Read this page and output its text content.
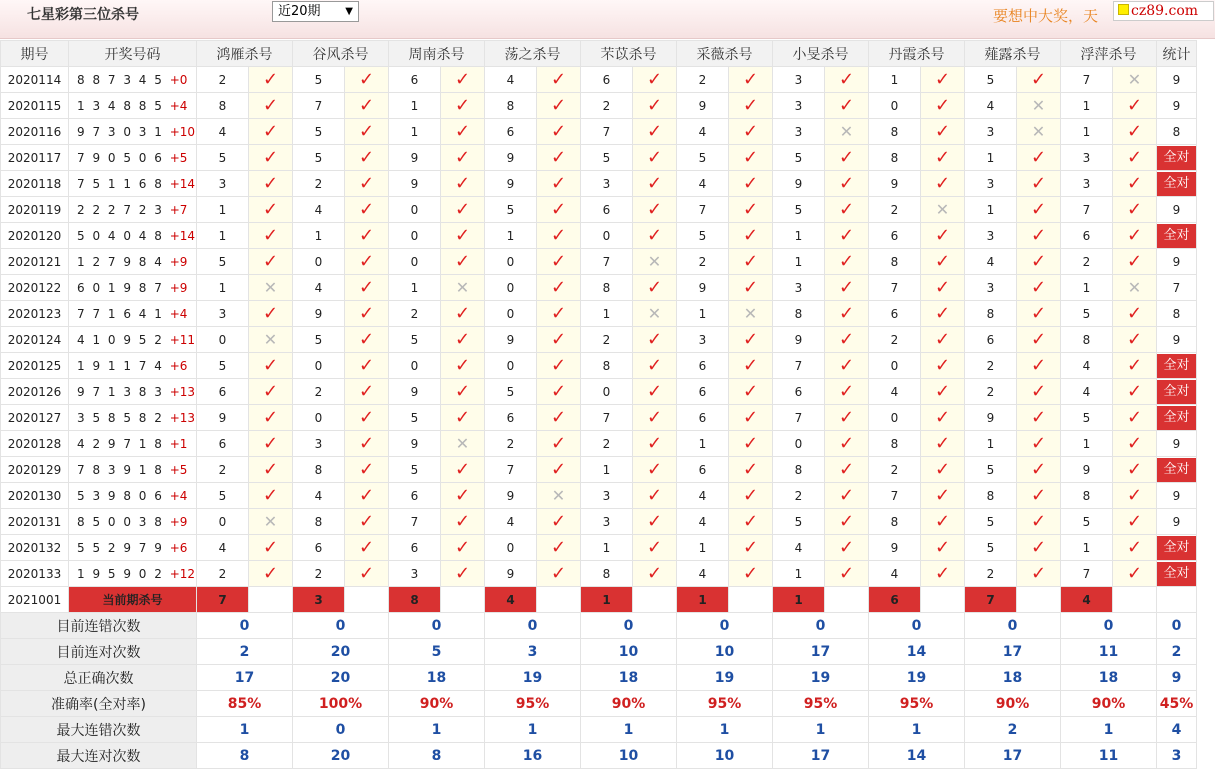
七星彩第三位杀号	近20期 ▼	要想中大奖，天	cz89.com
期号	开奖号码	鸿雁杀号		谷风杀号		周南杀号		荡之杀号		芣苡杀号		采薇杀号		小旻杀号		丹霞杀号		薤露杀号		浮萍杀号		统计
2020114	8 8 7 3 4 5 +0	2	✓	5	✓	6	✓	4	✓	6	✓	2	✓	3	✓	1	✓	5	✓	7	✕	9
2020115	1 3 4 8 8 5 +4	8	✓	7	✓	1	✓	8	✓	2	✓	9	✓	3	✓	0	✓	4	✕	1	✓	9
2020116	9 7 3 0 3 1 +10	4	✓	5	✓	1	✓	6	✓	7	✓	4	✓	3	✕	8	✓	3	✕	1	✓	8
2020117	7 9 0 5 0 6 +5	5	✓	5	✓	9	✓	9	✓	5	✓	5	✓	5	✓	8	✓	1	✓	3	✓	全对

2020118	7 5 1 1 6 8 +14	3	✓	2	✓	9	✓	9	✓	3	✓	4	✓	9	✓	9	✓	3	✓	3	✓	全对

2020119	2 2 2 7 2 3 +7	1	✓	4	✓	0	✓	5	✓	6	✓	7	✓	5	✓	2	✕	1	✓	7	✓	9
2020120	5 0 4 0 4 8 +14	1	✓	1	✓	0	✓	1	✓	0	✓	5	✓	1	✓	6	✓	3	✓	6	✓	全对

2020121	1 2 7 9 8 4 +9	5	✓	0	✓	0	✓	0	✓	7	✕	2	✓	1	✓	8	✓	4	✓	2	✓	9
2020122	6 0 1 9 8 7 +9	1	✕	4	✓	1	✕	0	✓	8	✓	9	✓	3	✓	7	✓	3	✓	1	✕	7
2020123	7 7 1 6 4 1 +4	3	✓	9	✓	2	✓	0	✓	1	✕	1	✕	8	✓	6	✓	8	✓	5	✓	8
2020124	4 1 0 9 5 2 +11	0	✕	5	✓	5	✓	9	✓	2	✓	3	✓	9	✓	2	✓	6	✓	8	✓	9
2020125	1 9 1 1 7 4 +6	5	✓	0	✓	0	✓	0	✓	8	✓	6	✓	7	✓	0	✓	2	✓	4	✓	全对

2020126	9 7 1 3 8 3 +13	6	✓	2	✓	9	✓	5	✓	0	✓	6	✓	6	✓	4	✓	2	✓	4	✓	全对

2020127	3 5 8 5 8 2 +13	9	✓	0	✓	5	✓	6	✓	7	✓	6	✓	7	✓	0	✓	9	✓	5	✓	全对

2020128	4 2 9 7 1 8 +1	6	✓	3	✓	9	✕	2	✓	2	✓	1	✓	0	✓	8	✓	1	✓	1	✓	9
2020129	7 8 3 9 1 8 +5	2	✓	8	✓	5	✓	7	✓	1	✓	6	✓	8	✓	2	✓	5	✓	9	✓	全对

2020130	5 3 9 8 0 6 +4	5	✓	4	✓	6	✓	9	✕	3	✓	4	✓	2	✓	7	✓	8	✓	8	✓	9
2020131	8 5 0 0 3 8 +9	0	✕	8	✓	7	✓	4	✓	3	✓	4	✓	5	✓	8	✓	5	✓	5	✓	9
2020132	5 5 2 9 7 9 +6	4	✓	6	✓	6	✓	0	✓	1	✓	1	✓	4	✓	9	✓	5	✓	1	✓	全对

2020133	1 9 5 9 0 2 +12	2	✓	2	✓	3	✓	9	✓	8	✓	4	✓	1	✓	4	✓	2	✓	7	✓	全对

2021001	当前期杀号	7		3		8		4		1		1		1		6		7		4		
目前连错次数		0		0		0		0		0		0		0		0		0		0		0
目前连对次数		2		20		5		3		10		10		17		14		17		11		2
总正确次数		17		20		18		19		18		19		19		19		18		18		9
准确率(全对率)		85%		100%		90%		95%		90%		95%		95%		95%		90%		90%		45%
最大连错次数		1		0		1		1		1		1		1		1		2		1		4
最大连对次数		8		20		8		16		10		10		17		14		17		11		3
